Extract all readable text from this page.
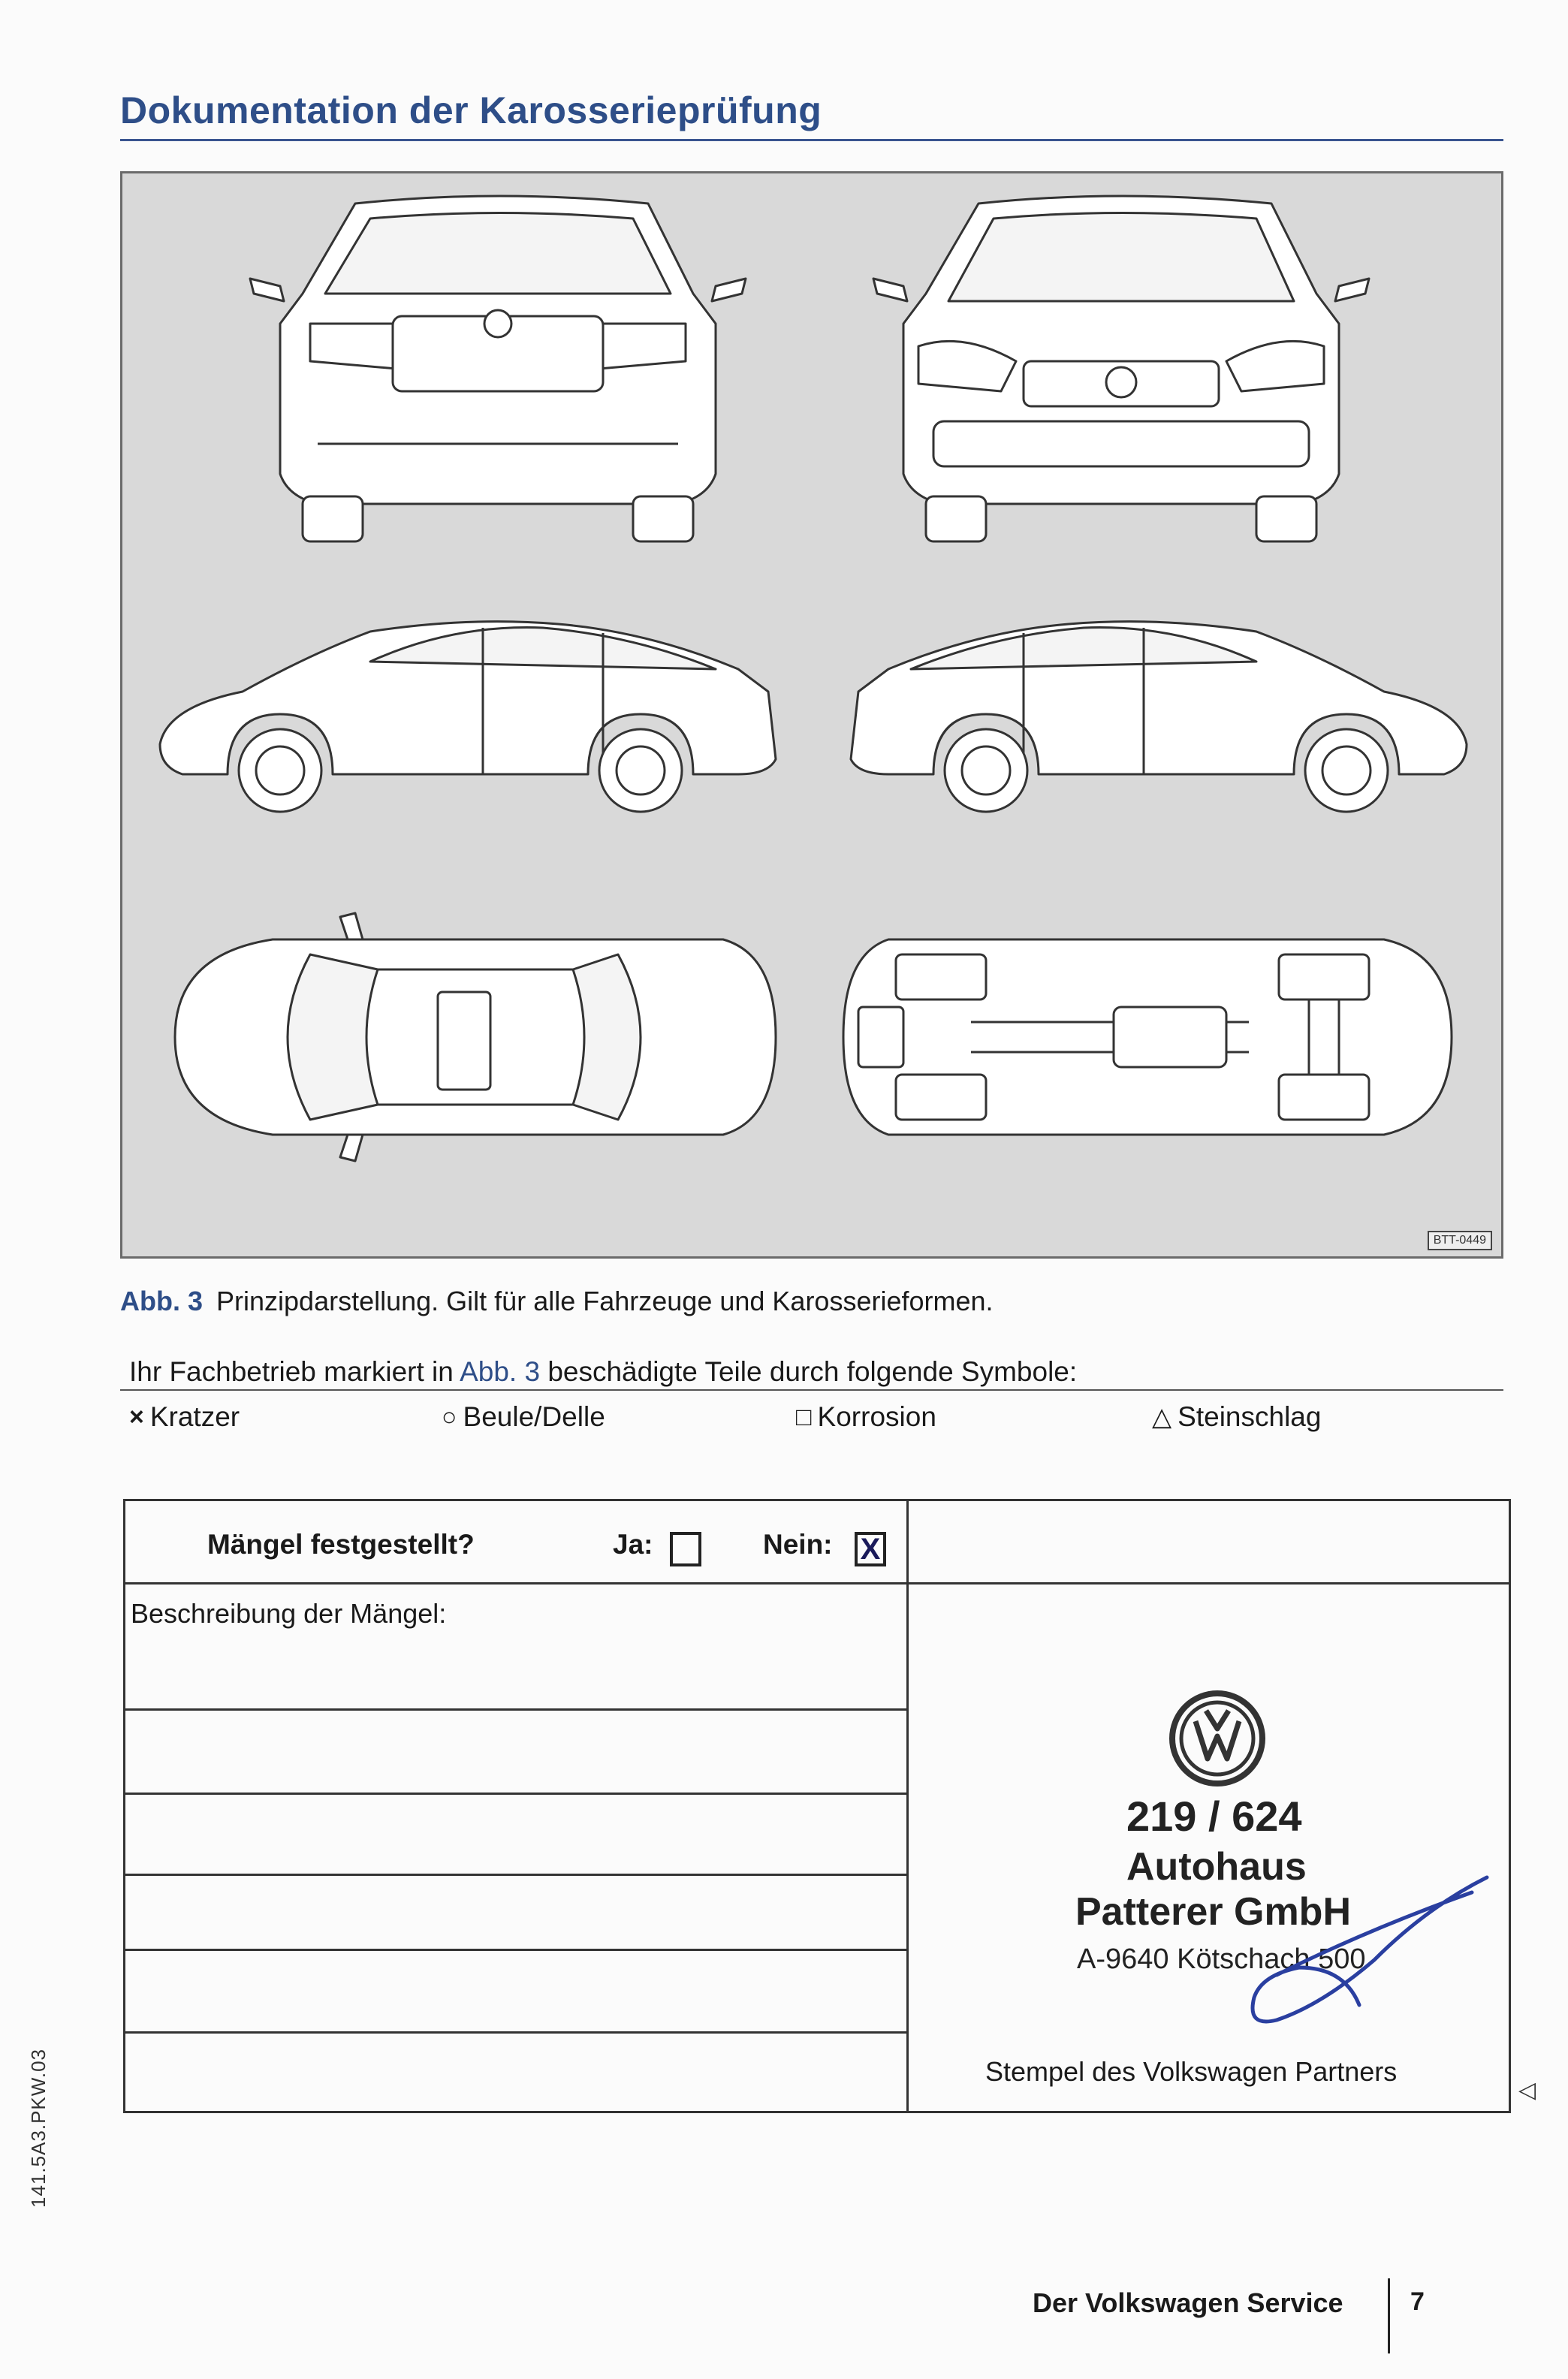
Dokumentation der Karosserieprüfung
BTT-0449
Abb. 3 Prinzipdarstellung. Gilt für alle Fahrzeuge und Karosserieformen.
Ihr Fachbetrieb markiert in Abb. 3 beschädigte Teile durch folgende Symbole:
× Kratzer	○ Beule/Delle	□ Korrosion	△ Steinschlag
Mängel festgestellt?	Ja:	Nein: X
Beschreibung der Mängel:
219 / 624
Autohaus
Patterer GmbH
A-9640 Kötschach 500
Stempel des Volkswagen Partners
◁
141.5A3.PKW.03
Der Volkswagen Service	7
